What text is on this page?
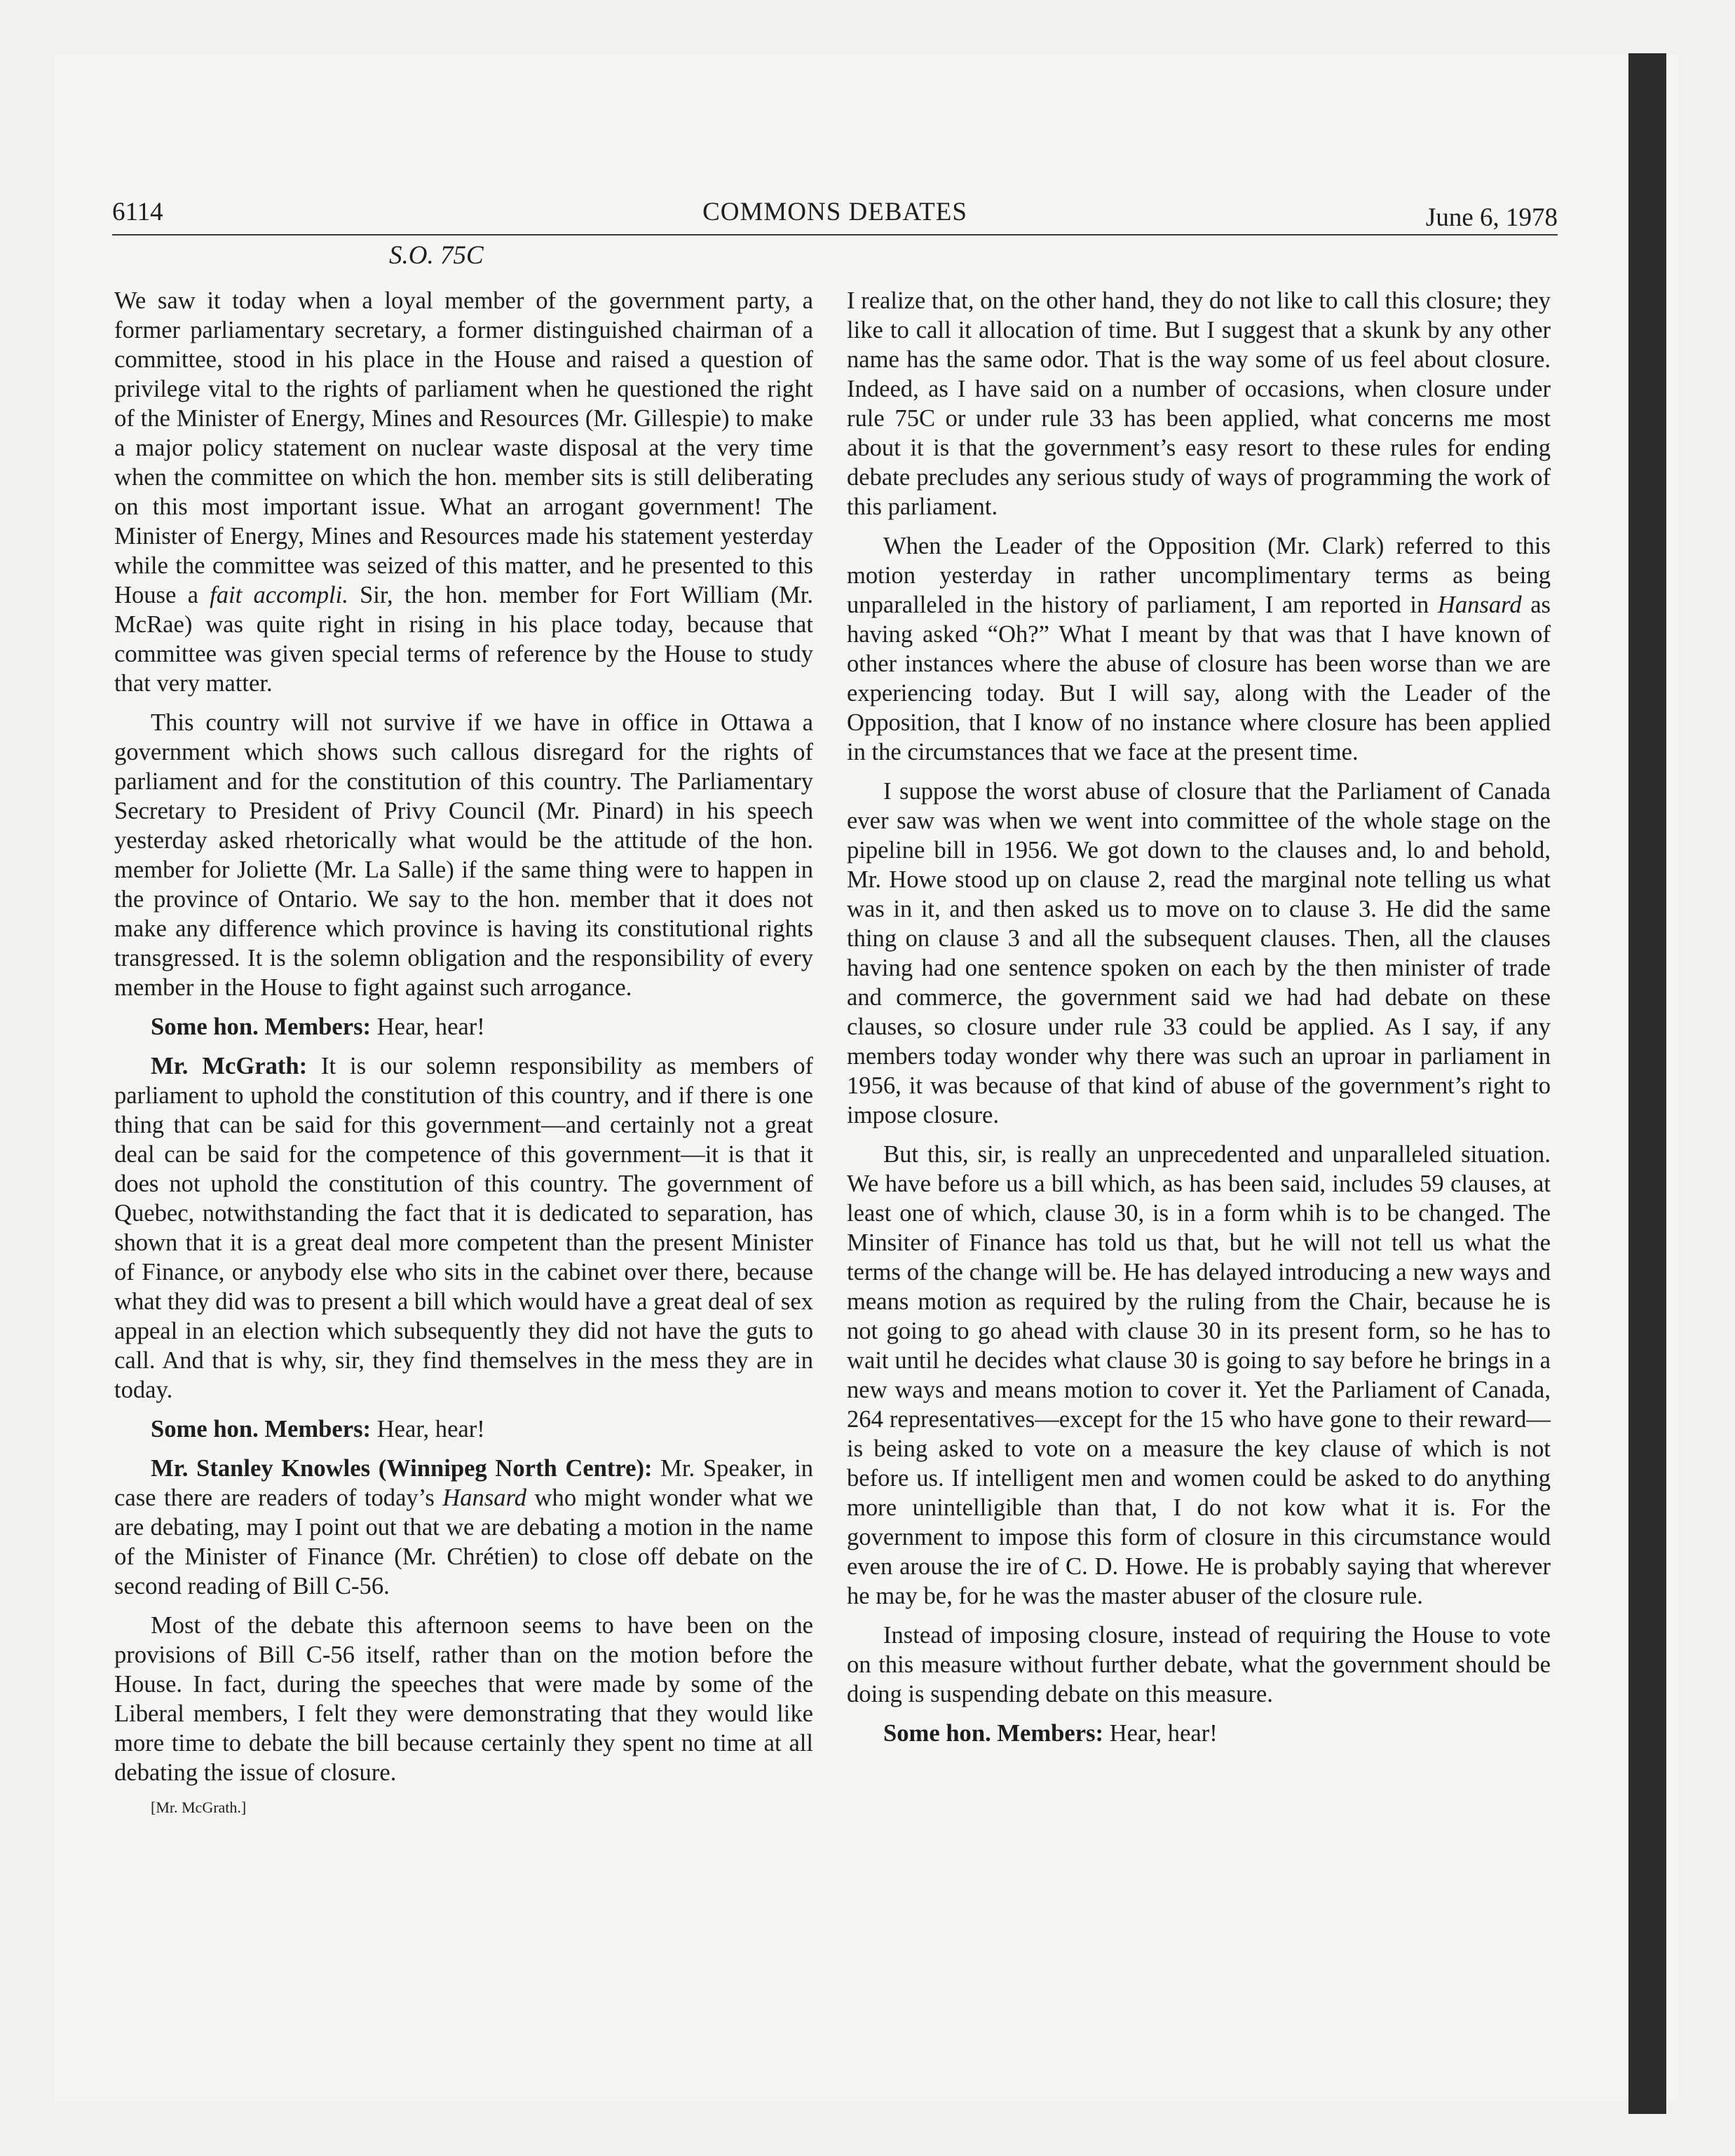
6114	COMMONS DEBATES	June 6, 1978
S.O. 75C

We saw it today when a loyal member of the government party, a former parliamentary secretary, a former distinguished chairman of a committee, stood in his place in the House and raised a question of privilege vital to the rights of parliament when he questioned the right of the Minister of Energy, Mines and Resources (Mr. Gillespie) to make a major policy statement on nuclear waste disposal at the very time when the committee on which the hon. member sits is still deliberating on this most important issue. What an arrogant government! The Minister of Energy, Mines and Resources made his statement yesterday while the committee was seized of this matter, and he presented to this House a fait accompli. Sir, the hon. member for Fort William (Mr. McRae) was quite right in rising in his place today, because that committee was given special terms of reference by the House to study that very matter.

This country will not survive if we have in office in Ottawa a government which shows such callous disregard for the rights of parliament and for the constitution of this country. The Parliamentary Secretary to President of Privy Council (Mr. Pinard) in his speech yesterday asked rhetorically what would be the attitude of the hon. member for Joliette (Mr. La Salle) if the same thing were to happen in the province of Ontario. We say to the hon. member that it does not make any difference which province is having its constitutional rights transgressed. It is the solemn obligation and the responsibility of every member in the House to fight against such arrogance.

Some hon. Members: Hear, hear!

Mr. McGrath: It is our solemn responsibility as members of parliament to uphold the constitution of this country, and if there is one thing that can be said for this government—and certainly not a great deal can be said for the competence of this government—it is that it does not uphold the constitution of this country. The government of Quebec, notwithstanding the fact that it is dedicated to separation, has shown that it is a great deal more competent than the present Minister of Finance, or anybody else who sits in the cabinet over there, because what they did was to present a bill which would have a great deal of sex appeal in an election which subsequently they did not have the guts to call. And that is why, sir, they find themselves in the mess they are in today.

Some hon. Members: Hear, hear!

Mr. Stanley Knowles (Winnipeg North Centre): Mr. Speaker, in case there are readers of today’s Hansard who might wonder what we are debating, may I point out that we are debating a motion in the name of the Minister of Finance (Mr. Chrétien) to close off debate on the second reading of Bill C-56.

Most of the debate this afternoon seems to have been on the provisions of Bill C-56 itself, rather than on the motion before the House. In fact, during the speeches that were made by some of the Liberal members, I felt they were demonstrating that they would like more time to debate the bill because certainly they spent no time at all debating the issue of closure.

[Mr. McGrath.]

I realize that, on the other hand, they do not like to call this closure; they like to call it allocation of time. But I suggest that a skunk by any other name has the same odor. That is the way some of us feel about closure. Indeed, as I have said on a number of occasions, when closure under rule 75C or under rule 33 has been applied, what concerns me most about it is that the government’s easy resort to these rules for ending debate precludes any serious study of ways of programming the work of this parliament.

When the Leader of the Opposition (Mr. Clark) referred to this motion yesterday in rather uncomplimentary terms as being unparalleled in the history of parliament, I am reported in Hansard as having asked “Oh?” What I meant by that was that I have known of other instances where the abuse of closure has been worse than we are experiencing today. But I will say, along with the Leader of the Opposition, that I know of no instance where closure has been applied in the circumstances that we face at the present time.

I suppose the worst abuse of closure that the Parliament of Canada ever saw was when we went into committee of the whole stage on the pipeline bill in 1956. We got down to the clauses and, lo and behold, Mr. Howe stood up on clause 2, read the marginal note telling us what was in it, and then asked us to move on to clause 3. He did the same thing on clause 3 and all the subsequent clauses. Then, all the clauses having had one sentence spoken on each by the then minister of trade and commerce, the government said we had had debate on these clauses, so closure under rule 33 could be applied. As I say, if any members today wonder why there was such an uproar in parliament in 1956, it was because of that kind of abuse of the government’s right to impose closure.

But this, sir, is really an unprecedented and unparalleled situation. We have before us a bill which, as has been said, includes 59 clauses, at least one of which, clause 30, is in a form whih is to be changed. The Minsiter of Finance has told us that, but he will not tell us what the terms of the change will be. He has delayed introducing a new ways and means motion as required by the ruling from the Chair, because he is not going to go ahead with clause 30 in its present form, so he has to wait until he decides what clause 30 is going to say before he brings in a new ways and means motion to cover it. Yet the Parliament of Canada, 264 representatives—except for the 15 who have gone to their reward—is being asked to vote on a measure the key clause of which is not before us. If intelligent men and women could be asked to do anything more unintelligible than that, I do not kow what it is. For the government to impose this form of closure in this circumstance would even arouse the ire of C. D. Howe. He is probably saying that wherever he may be, for he was the master abuser of the closure rule.

Instead of imposing closure, instead of requiring the House to vote on this measure without further debate, what the government should be doing is suspending debate on this measure.

Some hon. Members: Hear, hear!
